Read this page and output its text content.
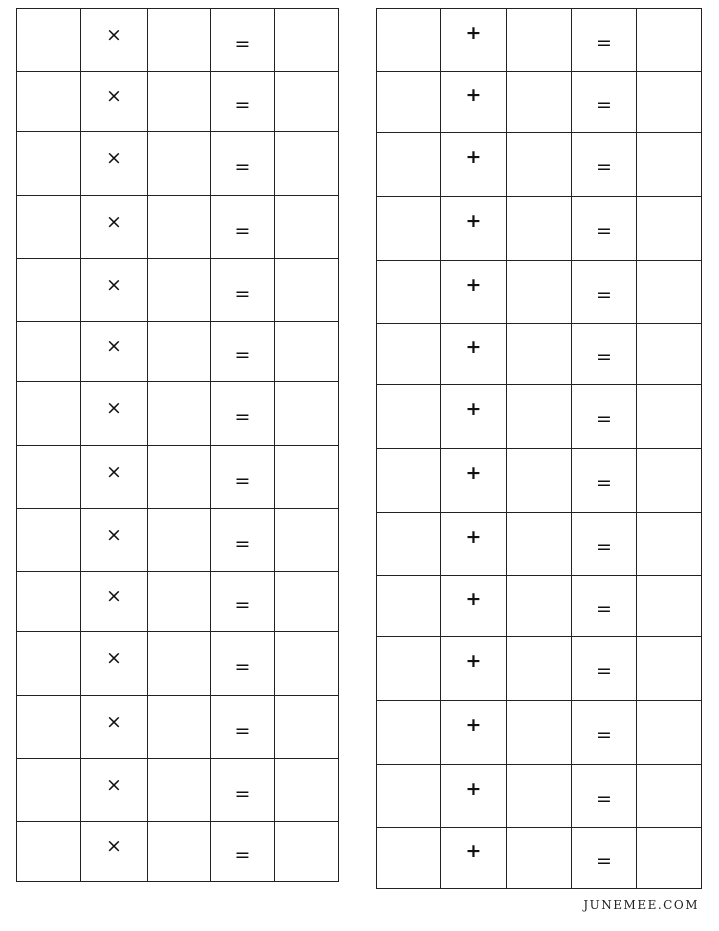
	×		=	
	×		=	
	×		=	
	×		=	
	×		=	
	×		=	
	×		=	
	×		=	
	×		=	
	×		=	
	×		=	
	×		=	
	×		=	
	×		=	
	+		=	
	+		=	
	+		=	
	+		=	
	+		=	
	+		=	
	+		=	
	+		=	
	+		=	
	+		=	
	+		=	
	+		=	
	+		=	
	+		=	
JUNEMEE.COM
